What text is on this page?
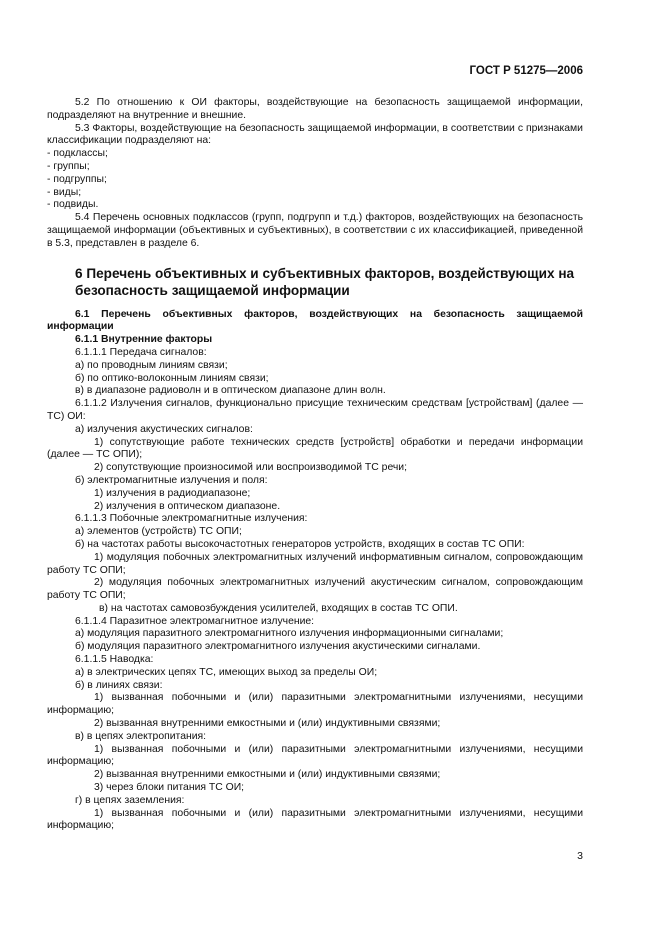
ГОСТ Р 51275—2006

5.2 По отношению к ОИ факторы, воздействующие на безопасность защищаемой информации, подразделяют на внутренние и внешние.

5.3 Факторы, воздействующие на безопасность защищаемой информации, в соответствии с признаками классификации подразделяют на:

- подклассы;

- группы;

- подгруппы;

- виды;

- подвиды.

5.4 Перечень основных подклассов (групп, подгрупп и т.д.) факторов, воздействующих на безопасность защищаемой информации (объективных и субъективных), в соответствии с их классификацией, приведенной в 5.3, представлен в разделе 6.

6 Перечень объективных и субъективных факторов, воздействующих на безопасность защищаемой информации

6.1 Перечень объективных факторов, воздействующих на безопасность защищаемой информации

6.1.1 Внутренние факторы

6.1.1.1 Передача сигналов:

а) по проводным линиям связи;

б) по оптико-волоконным линиям связи;

в) в диапазоне радиоволн и в оптическом диапазоне длин волн.

6.1.1.2 Излучения сигналов, функционально присущие техническим средствам [устройствам] (далее — ТС) ОИ:

а) излучения акустических сигналов:

1) сопутствующие работе технических средств [устройств] обработки и передачи информации (далее — ТС ОПИ);

2) сопутствующие произносимой или воспроизводимой ТС речи;

б) электромагнитные излучения и поля:

1) излучения в радиодиапазоне;

2) излучения в оптическом диапазоне.

6.1.1.3 Побочные электромагнитные излучения:

а) элементов (устройств) ТС ОПИ;

б) на частотах работы высокочастотных генераторов устройств, входящих в состав ТС ОПИ:

1) модуляция побочных электромагнитных излучений информативным сигналом, сопровождающим работу ТС ОПИ;

2) модуляция побочных электромагнитных излучений акустическим сигналом, сопровождающим работу ТС ОПИ;

в) на частотах самовозбуждения усилителей, входящих в состав ТС ОПИ.

6.1.1.4 Паразитное электромагнитное излучение:

а) модуляция паразитного электромагнитного излучения информационными сигналами;

б) модуляция паразитного электромагнитного излучения акустическими сигналами.

6.1.1.5 Наводка:

а) в электрических цепях ТС, имеющих выход за пределы ОИ;

б) в линиях связи:

1) вызванная побочными и (или) паразитными электромагнитными излучениями, несущими информацию;

2) вызванная внутренними емкостными и (или) индуктивными связями;

в) в цепях электропитания:

1) вызванная побочными и (или) паразитными электромагнитными излучениями, несущими информацию;

2) вызванная внутренними емкостными и (или) индуктивными связями;

3) через блоки питания ТС ОИ;

г) в цепях заземления:

1) вызванная побочными и (или) паразитными электромагнитными излучениями, несущими информацию;

3
